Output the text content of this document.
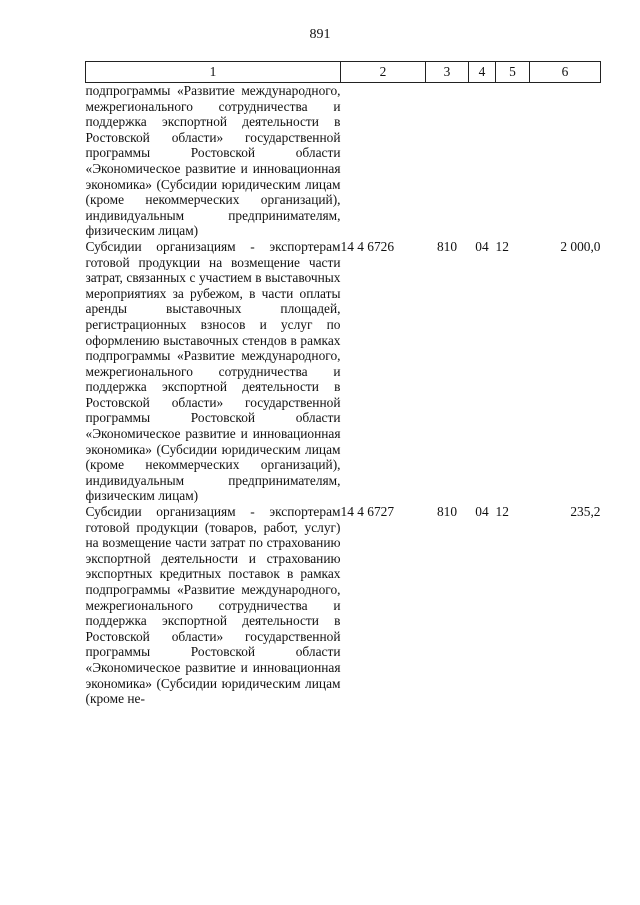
891
1	2	3	4	5	6
подпрограммы «Развитие международного, межрегионального сотрудничества и поддержка экспортной деятельности в Ростовской области» государственной программы Ростовской области «Экономическое развитие и инновационная экономика» (Субсидии юридическим лицам (кроме некоммерческих организаций), индивидуальным предпринимателям, физическим лицам)					
Субсидии организациям - экспортерам готовой продукции на возмещение части затрат, связанных с участием в выставочных мероприятиях за рубежом, в части оплаты аренды выставочных площадей, регистрационных взносов и услуг по оформлению выставочных стендов в рамках подпрограммы «Развитие международного, межрегионального сотрудничества и поддержка экспортной деятельности в Ростовской области» государственной программы Ростовской области «Экономическое развитие и инновационная экономика» (Субсидии юридическим лицам (кроме некоммерческих организаций), индивидуальным предпринимателям, физическим лицам)	14 4 6726	810	04	12	2 000,0
Субсидии организациям - экспортерам готовой продукции (товаров, работ, услуг) на возмещение части затрат по страхованию экспортной деятельности и страхованию экспортных кредитных поставок в рамках подпрограммы «Развитие международного, межрегионального сотрудничества и поддержка экспортной деятельности в Ростовской области» государственной программы Ростовской области «Экономическое развитие и инновационная экономика» (Субсидии юридическим лицам (кроме не-	14 4 6727	810	04	12	235,2
